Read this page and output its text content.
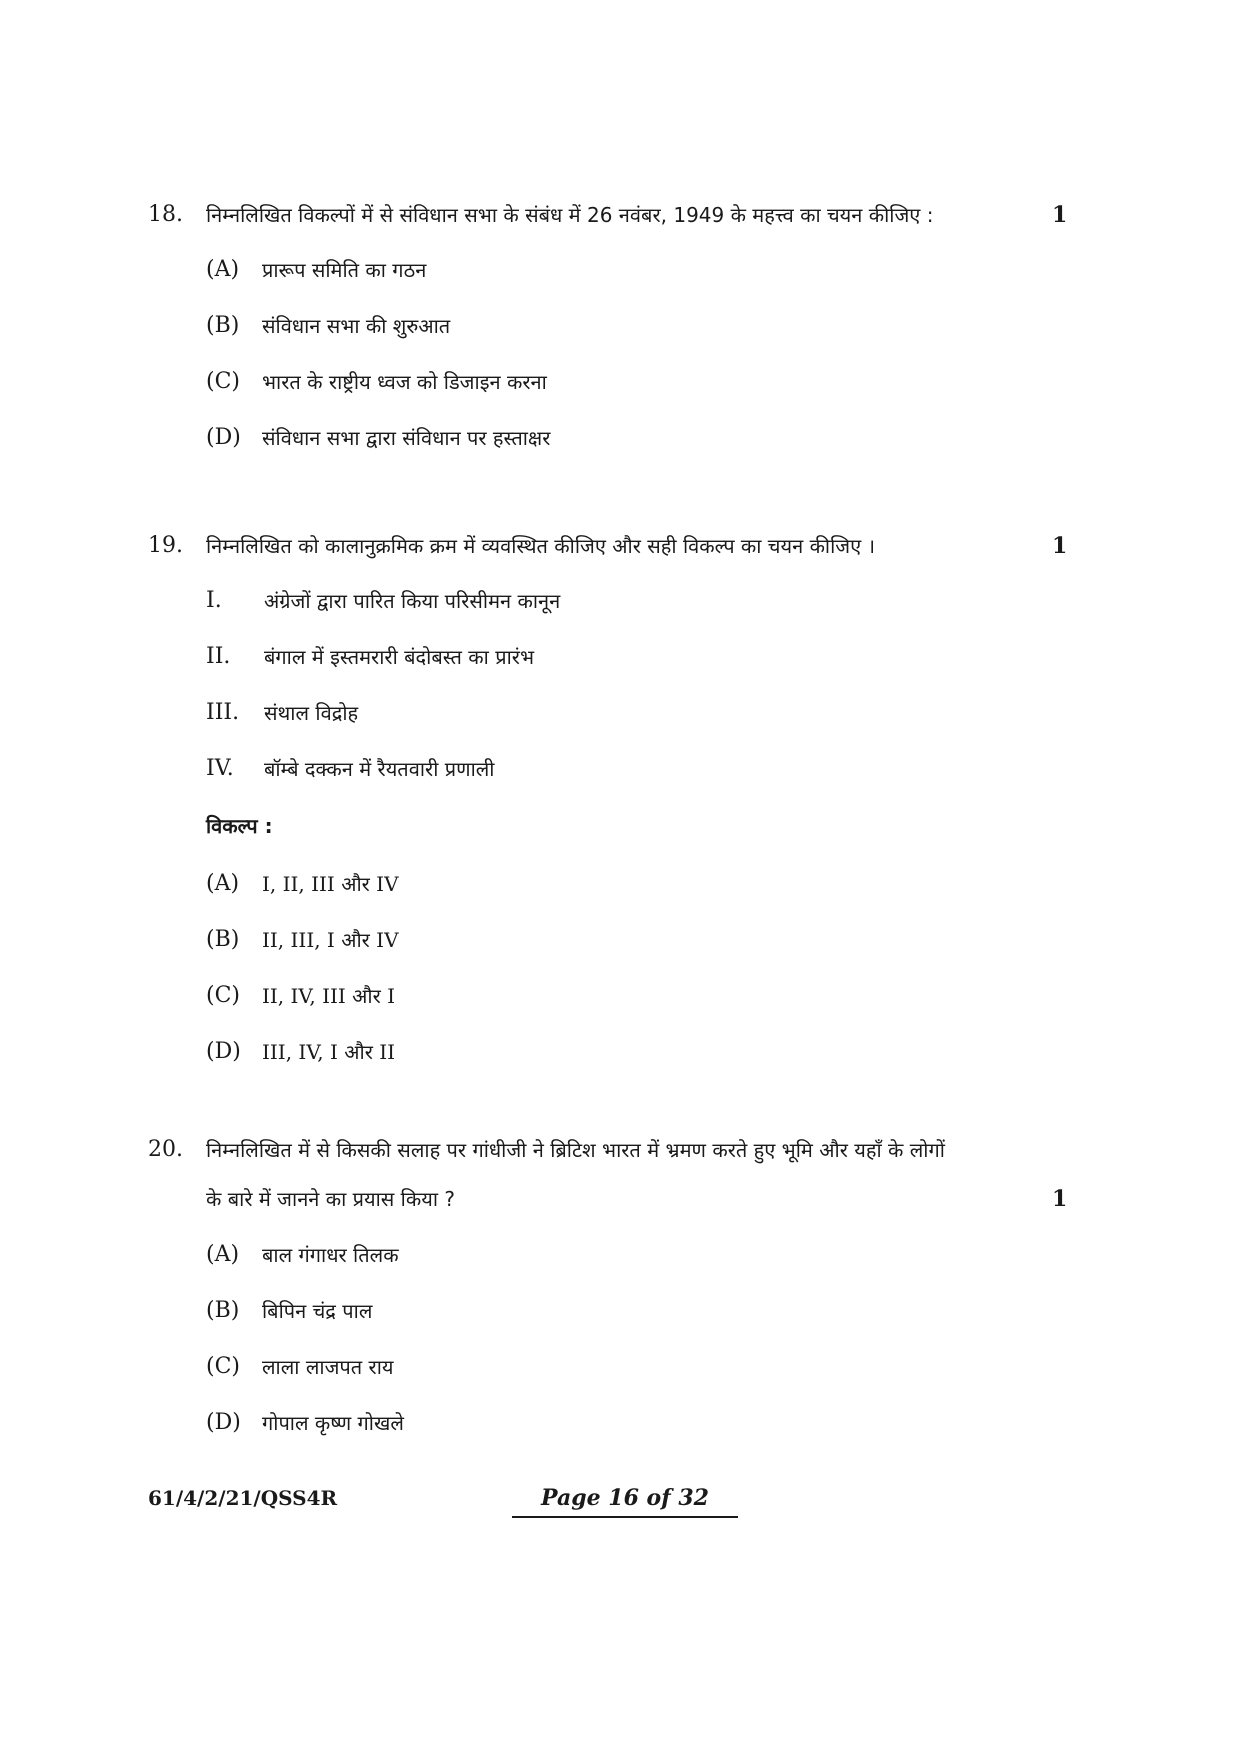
18. निम्नलिखित विकल्पों में से संविधान सभा के संबंध में 26 नवंबर, 1949 के महत्त्व का चयन कीजिए :	1
(A) प्रारूप समिति का गठन
(B) संविधान सभा की शुरुआत
(C) भारत के राष्ट्रीय ध्वज को डिजाइन करना
(D) संविधान सभा द्वारा संविधान पर हस्ताक्षर
19. निम्नलिखित को कालानुक्रमिक क्रम में व्यवस्थित कीजिए और सही विकल्प का चयन कीजिए ।	1
I. अंग्रेजों द्वारा पारित किया परिसीमन कानून
II. बंगाल में इस्तमरारी बंदोबस्त का प्रारंभ
III. संथाल विद्रोह
IV. बॉम्बे दक्कन में रैयतवारी प्रणाली
विकल्प :
(A) I, II, III और IV
(B) II, III, I और IV
(C) II, IV, III और I
(D) III, IV, I और II
20. निम्नलिखित में से किसकी सलाह पर गांधीजी ने ब्रिटिश भारत में भ्रमण करते हुए भूमि और यहाँ के लोगों
के बारे में जानने का प्रयास किया ?	1
(A) बाल गंगाधर तिलक
(B) बिपिन चंद्र पाल
(C) लाला लाजपत राय
(D) गोपाल कृष्ण गोखले
61/4/2/21/QSS4R	Page 16 of 32
